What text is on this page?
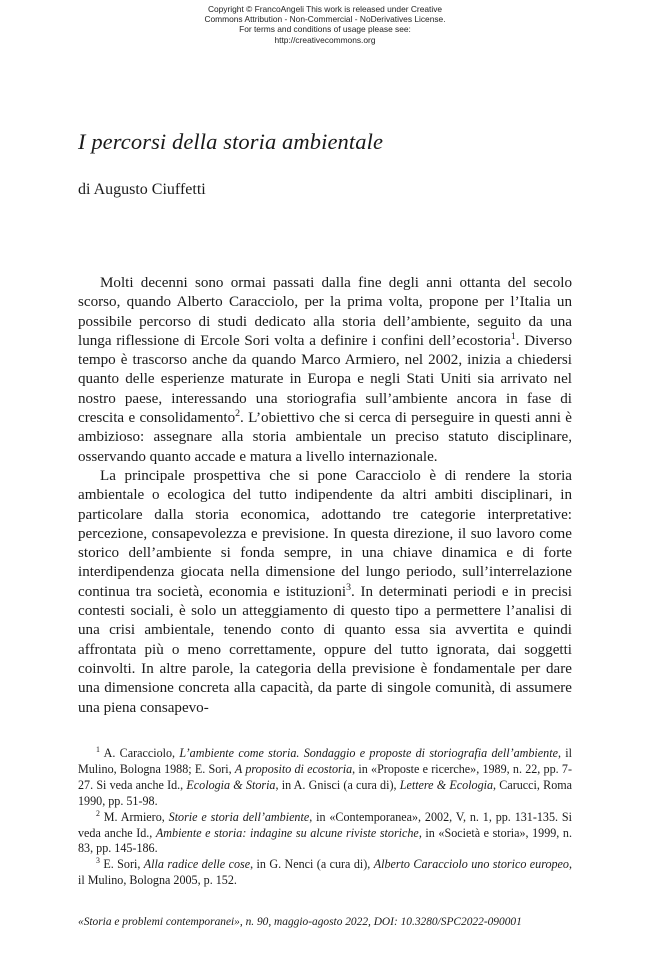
Copyright © FrancoAngeli This work is released under Creative
Commons Attribution - Non-Commercial - NoDerivatives License.
For terms and conditions of usage please see:
http://creativecommons.org
I percorsi della storia ambientale
di Augusto Ciuffetti

Molti decenni sono ormai passati dalla fine degli anni ottanta del secolo scorso, quando Alberto Caracciolo, per la prima volta, propone per l’Italia un possibile percorso di studi dedicato alla storia dell’ambiente, seguito da una lunga riflessione di Ercole Sori volta a definire i confini dell’ecostoria$^1$. Diverso tempo è trascorso anche da quando Marco Armiero, nel 2002, inizia a chiedersi quanto delle esperienze maturate in Europa e negli Stati Uniti sia arrivato nel nostro paese, interessando una storiografia sull’ambiente ancora in fase di crescita e consolidamento$^2$. L’obiettivo che si cerca di perseguire in questi anni è ambizioso: assegnare alla storia ambientale un preciso statuto disciplinare, osservando quanto accade e matura a livello internazionale.

La principale prospettiva che si pone Caracciolo è di rendere la storia ambientale o ecologica del tutto indipendente da altri ambiti disciplinari, in particolare dalla storia economica, adottando tre categorie interpretative: percezione, consapevolezza e previsione. In questa direzione, il suo lavoro come storico dell’ambiente si fonda sempre, in una chiave dinamica e di forte interdipendenza giocata nella dimensione del lungo periodo, sull’interrelazione continua tra società, economia e istituzioni$^3$. In determinati periodi e in precisi contesti sociali, è solo un atteggiamento di questo tipo a permettere l’analisi di una crisi ambientale, tenendo conto di quanto essa sia avvertita e quindi affrontata più o meno correttamente, oppure del tutto ignorata, dai soggetti coinvolti. In altre parole, la categoria della previsione è fondamentale per dare una dimensione concreta alla capacità, da parte di singole comunità, di assumere una piena consapevo-

$^1$ A. Caracciolo, L’ambiente come storia. Sondaggio e proposte di storiografia dell’ambiente, il Mulino, Bologna 1988; E. Sori, A proposito di ecostoria, in «Proposte e ricerche», 1989, n. 22, pp. 7-27. Si veda anche Id., Ecologia & Storia, in A. Gnisci (a cura di), Lettere & Ecologia, Carucci, Roma 1990, pp. 51-98.

$^2$ M. Armiero, Storie e storia dell’ambiente, in «Contemporanea», 2002, V, n. 1, pp. 131-135. Si veda anche Id., Ambiente e storia: indagine su alcune riviste storiche, in «Società e storia», 1999, n. 83, pp. 145-186.

$^3$ E. Sori, Alla radice delle cose, in G. Nenci (a cura di), Alberto Caracciolo uno storico europeo, il Mulino, Bologna 2005, p. 152.

«Storia e problemi contemporanei», n. 90, maggio-agosto 2022, DOI: 10.3280/SPC2022-090001
